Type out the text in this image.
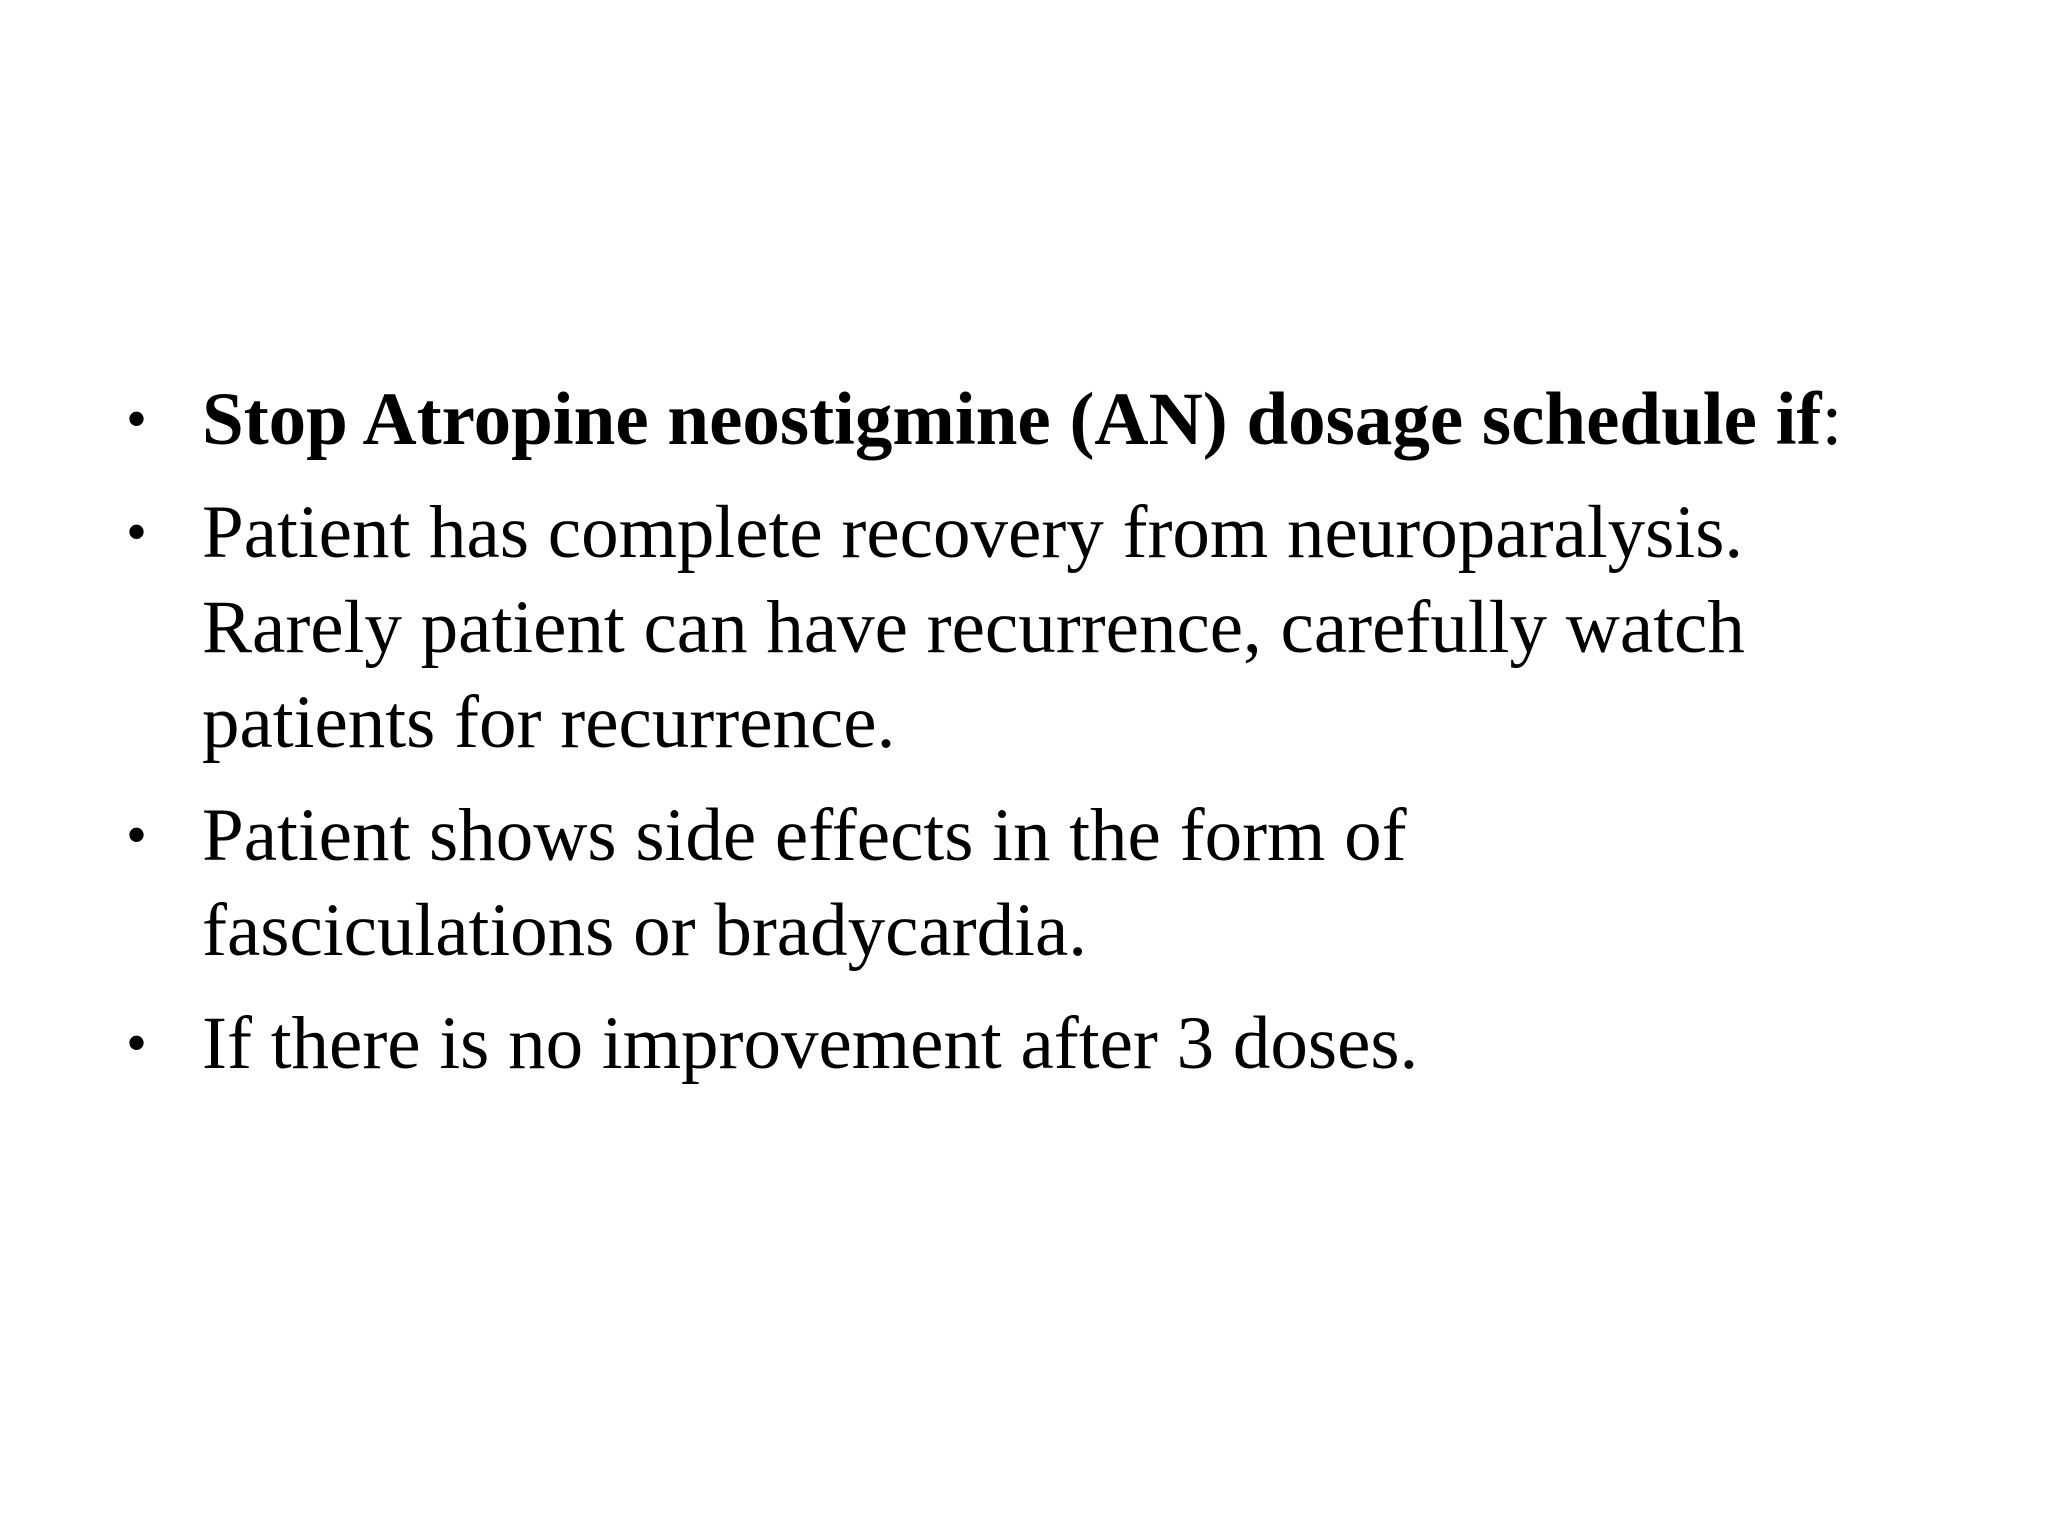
• Stop Atropine neostigmine (AN) dosage schedule if:
• Patient has complete recovery from neuroparalysis. Rarely patient can have recurrence, carefully watch patients for recurrence.
• Patient shows side effects in the form of fasciculations or bradycardia.
• If there is no improvement after 3 doses.
